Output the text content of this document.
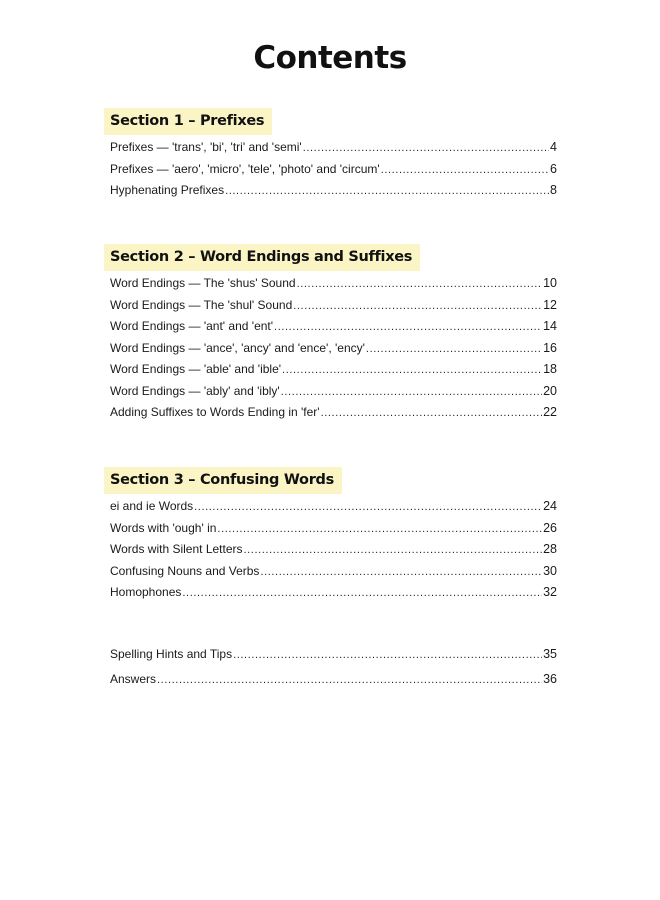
Contents
Section 1 – Prefixes
Prefixes — 'trans', 'bi', 'tri' and 'semi' .....	4
Prefixes — 'aero', 'micro', 'tele', 'photo' and 'circum' .....	6
Hyphenating Prefixes .....	8
Section 2 – Word Endings and Suffixes
Word Endings — The 'shus' Sound .....	10
Word Endings — The 'shul' Sound .....	12
Word Endings — 'ant' and 'ent' .....	14
Word Endings — 'ance', 'ancy' and 'ence', 'ency' .....	16
Word Endings — 'able' and 'ible' .....	18
Word Endings — 'ably' and 'ibly' .....	20
Adding Suffixes to Words Ending in 'fer' .....	22
Section 3 – Confusing Words
ei and ie Words .....	24
Words with 'ough' in .....	26
Words with Silent Letters .....	28
Confusing Nouns and Verbs .....	30
Homophones .....	32
Spelling Hints and Tips .....	35
Answers .....	36
